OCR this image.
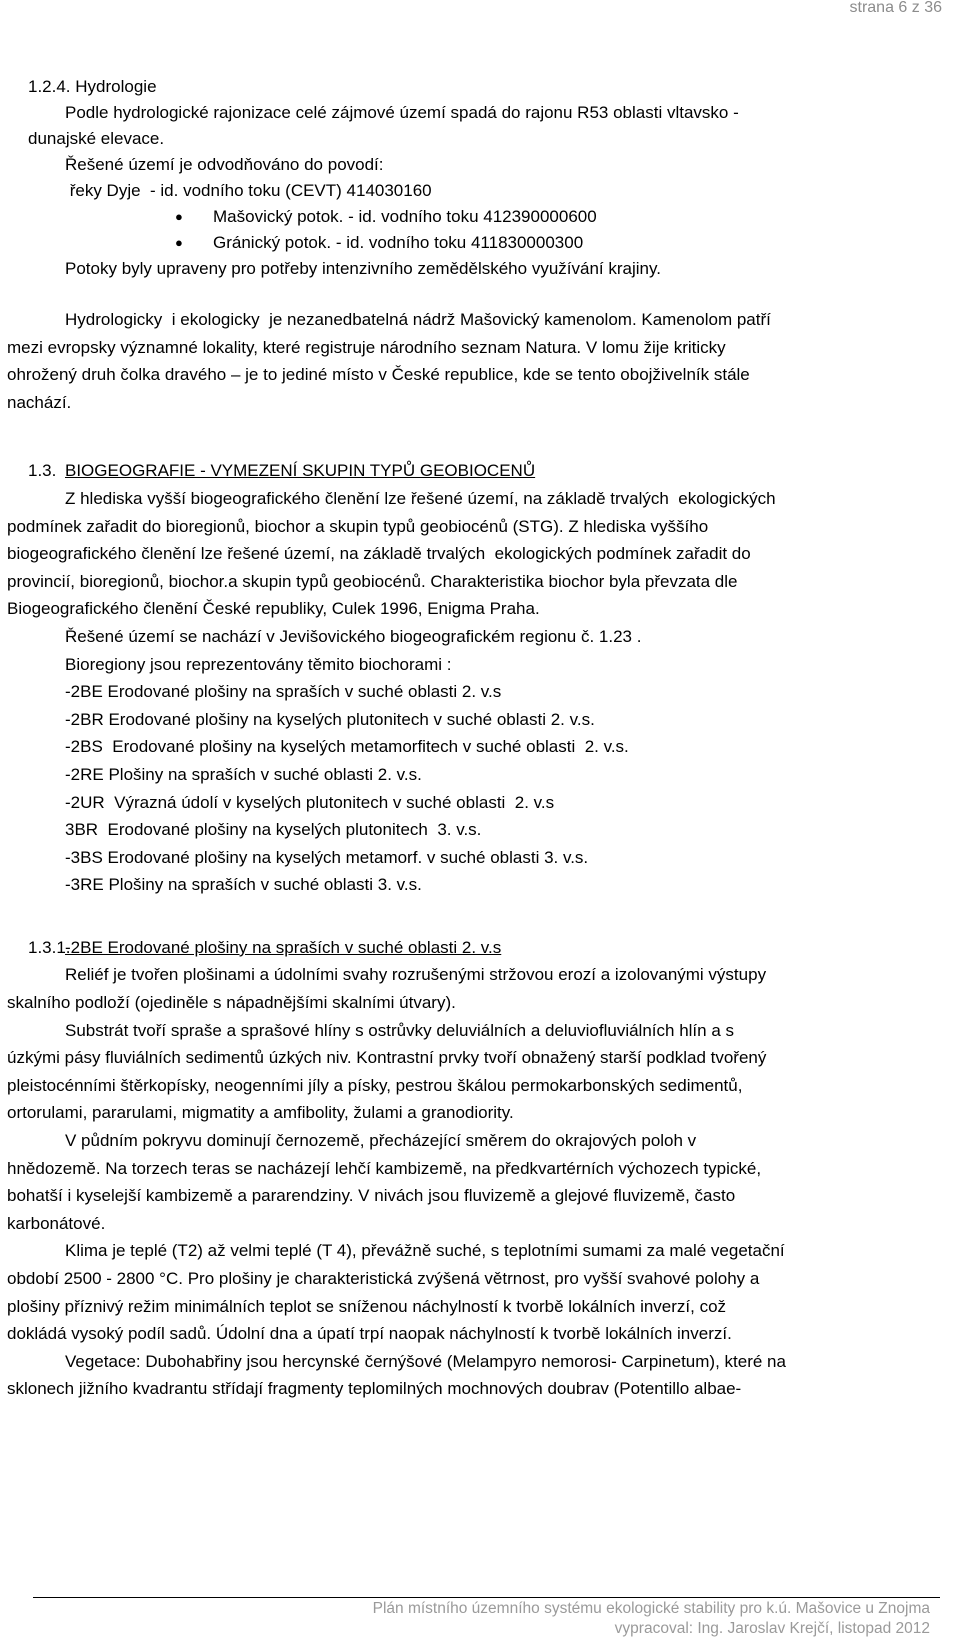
strana 6 z 36
1.2.4. Hydrologie
Podle hydrologické rajonizace celé zájmové území spadá do rajonu R53 oblasti vltavsko -
dunajské elevace.
Řešené území je odvodňováno do povodí:
řeky Dyje  - id. vodního toku (CEVT) 414030160
● Mašovický potok. - id. vodního toku 412390000600
● Gránický potok. - id. vodního toku 411830000300
Potoky byly upraveny pro potřeby intenzivního zemědělského využívání krajiny.
Hydrologicky  i ekologicky  je nezanedbatelná nádrž Mašovický kamenolom. Kamenolom patří
mezi evropsky významné lokality, které registruje národního seznam Natura. V lomu žije kriticky
ohrožený druh čolka dravého – je to jediné místo v České republice, kde se tento obojživelník stále
nachází.
1.3. BIOGEOGRAFIE - VYMEZENÍ SKUPIN TYPŮ GEOBIOCENŮ
Z hlediska vyšší biogeografického členění lze řešené území, na základě trvalých  ekologických
podmínek zařadit do bioregionů, biochor a skupin typů geobiocénů (STG). Z hlediska vyššího
biogeografického členění lze řešené území, na základě trvalých  ekologických podmínek zařadit do
provincií, bioregionů, biochor.a skupin typů geobiocénů. Charakteristika biochor byla převzata dle
Biogeografického členění České republiky, Culek 1996, Enigma Praha.
Řešené území se nachází v Jevišovického biogeografickém regionu č. 1.23 .
Bioregiony jsou reprezentovány těmito biochorami :
-2BE Erodované plošiny na spraších v suché oblasti 2. v.s
-2BR Erodované plošiny na kyselých plutonitech v suché oblasti 2. v.s.
-2BS  Erodované plošiny na kyselých metamorfitech v suché oblasti  2. v.s.
-2RE Plošiny na spraších v suché oblasti 2. v.s.
-2UR  Výrazná údolí v kyselých plutonitech v suché oblasti  2. v.s
3BR  Erodované plošiny na kyselých plutonitech  3. v.s.
-3BS Erodované plošiny na kyselých metamorf. v suché oblasti 3. v.s.
-3RE Plošiny na spraších v suché oblasti 3. v.s.
1.3.1.-2BE Erodované plošiny na spraších v suché oblasti 2. v.s
Reliéf je tvořen plošinami a údolními svahy rozrušenými stržovou erozí a izolovanými výstupy
skalního podloží (ojediněle s nápadnějšími skalními útvary).
Substrát tvoří spraše a sprašové hlíny s ostrůvky deluviálních a deluviofluviálních hlín a s
úzkými pásy fluviálních sedimentů úzkých niv. Kontrastní prvky tvoří obnažený starší podklad tvořený
pleistocénními štěrkopísky, neogenními jíly a písky, pestrou škálou permokarbonských sedimentů,
ortorulami, pararulami, migmatity a amfibolity, žulami a granodiority.
V půdním pokryvu dominují černozemě, přecházející směrem do okrajových poloh v
hnědozemě. Na torzech teras se nacházejí lehčí kambizemě, na předkvartérních výchozech typické,
bohatší i kyselejší kambizemě a pararendziny. V nivách jsou fluvizemě a glejové fluvizemě, často
karbonátové.
Klima je teplé (T2) až velmi teplé (T 4), převážně suché, s teplotními sumami za malé vegetační
období 2500 - 2800 °C. Pro plošiny je charakteristická zvýšená větrnost, pro vyšší svahové polohy a
plošiny příznivý režim minimálních teplot se sníženou náchylností k tvorbě lokálních inverzí, což
dokládá vysoký podíl sadů. Údolní dna a úpatí trpí naopak náchylností k tvorbě lokálních inverzí.
Vegetace: Dubohabřiny jsou hercynské černýšové (Melampyro nemorosi- Carpinetum), které na
sklonech jižního kvadrantu střídají fragmenty teplomilných mochnových doubrav (Potentillo albae-
Plán místního územního systému ekologické stability pro k.ú. Mašovice u Znojma
vypracoval: Ing. Jaroslav Krejčí, listopad 2012
